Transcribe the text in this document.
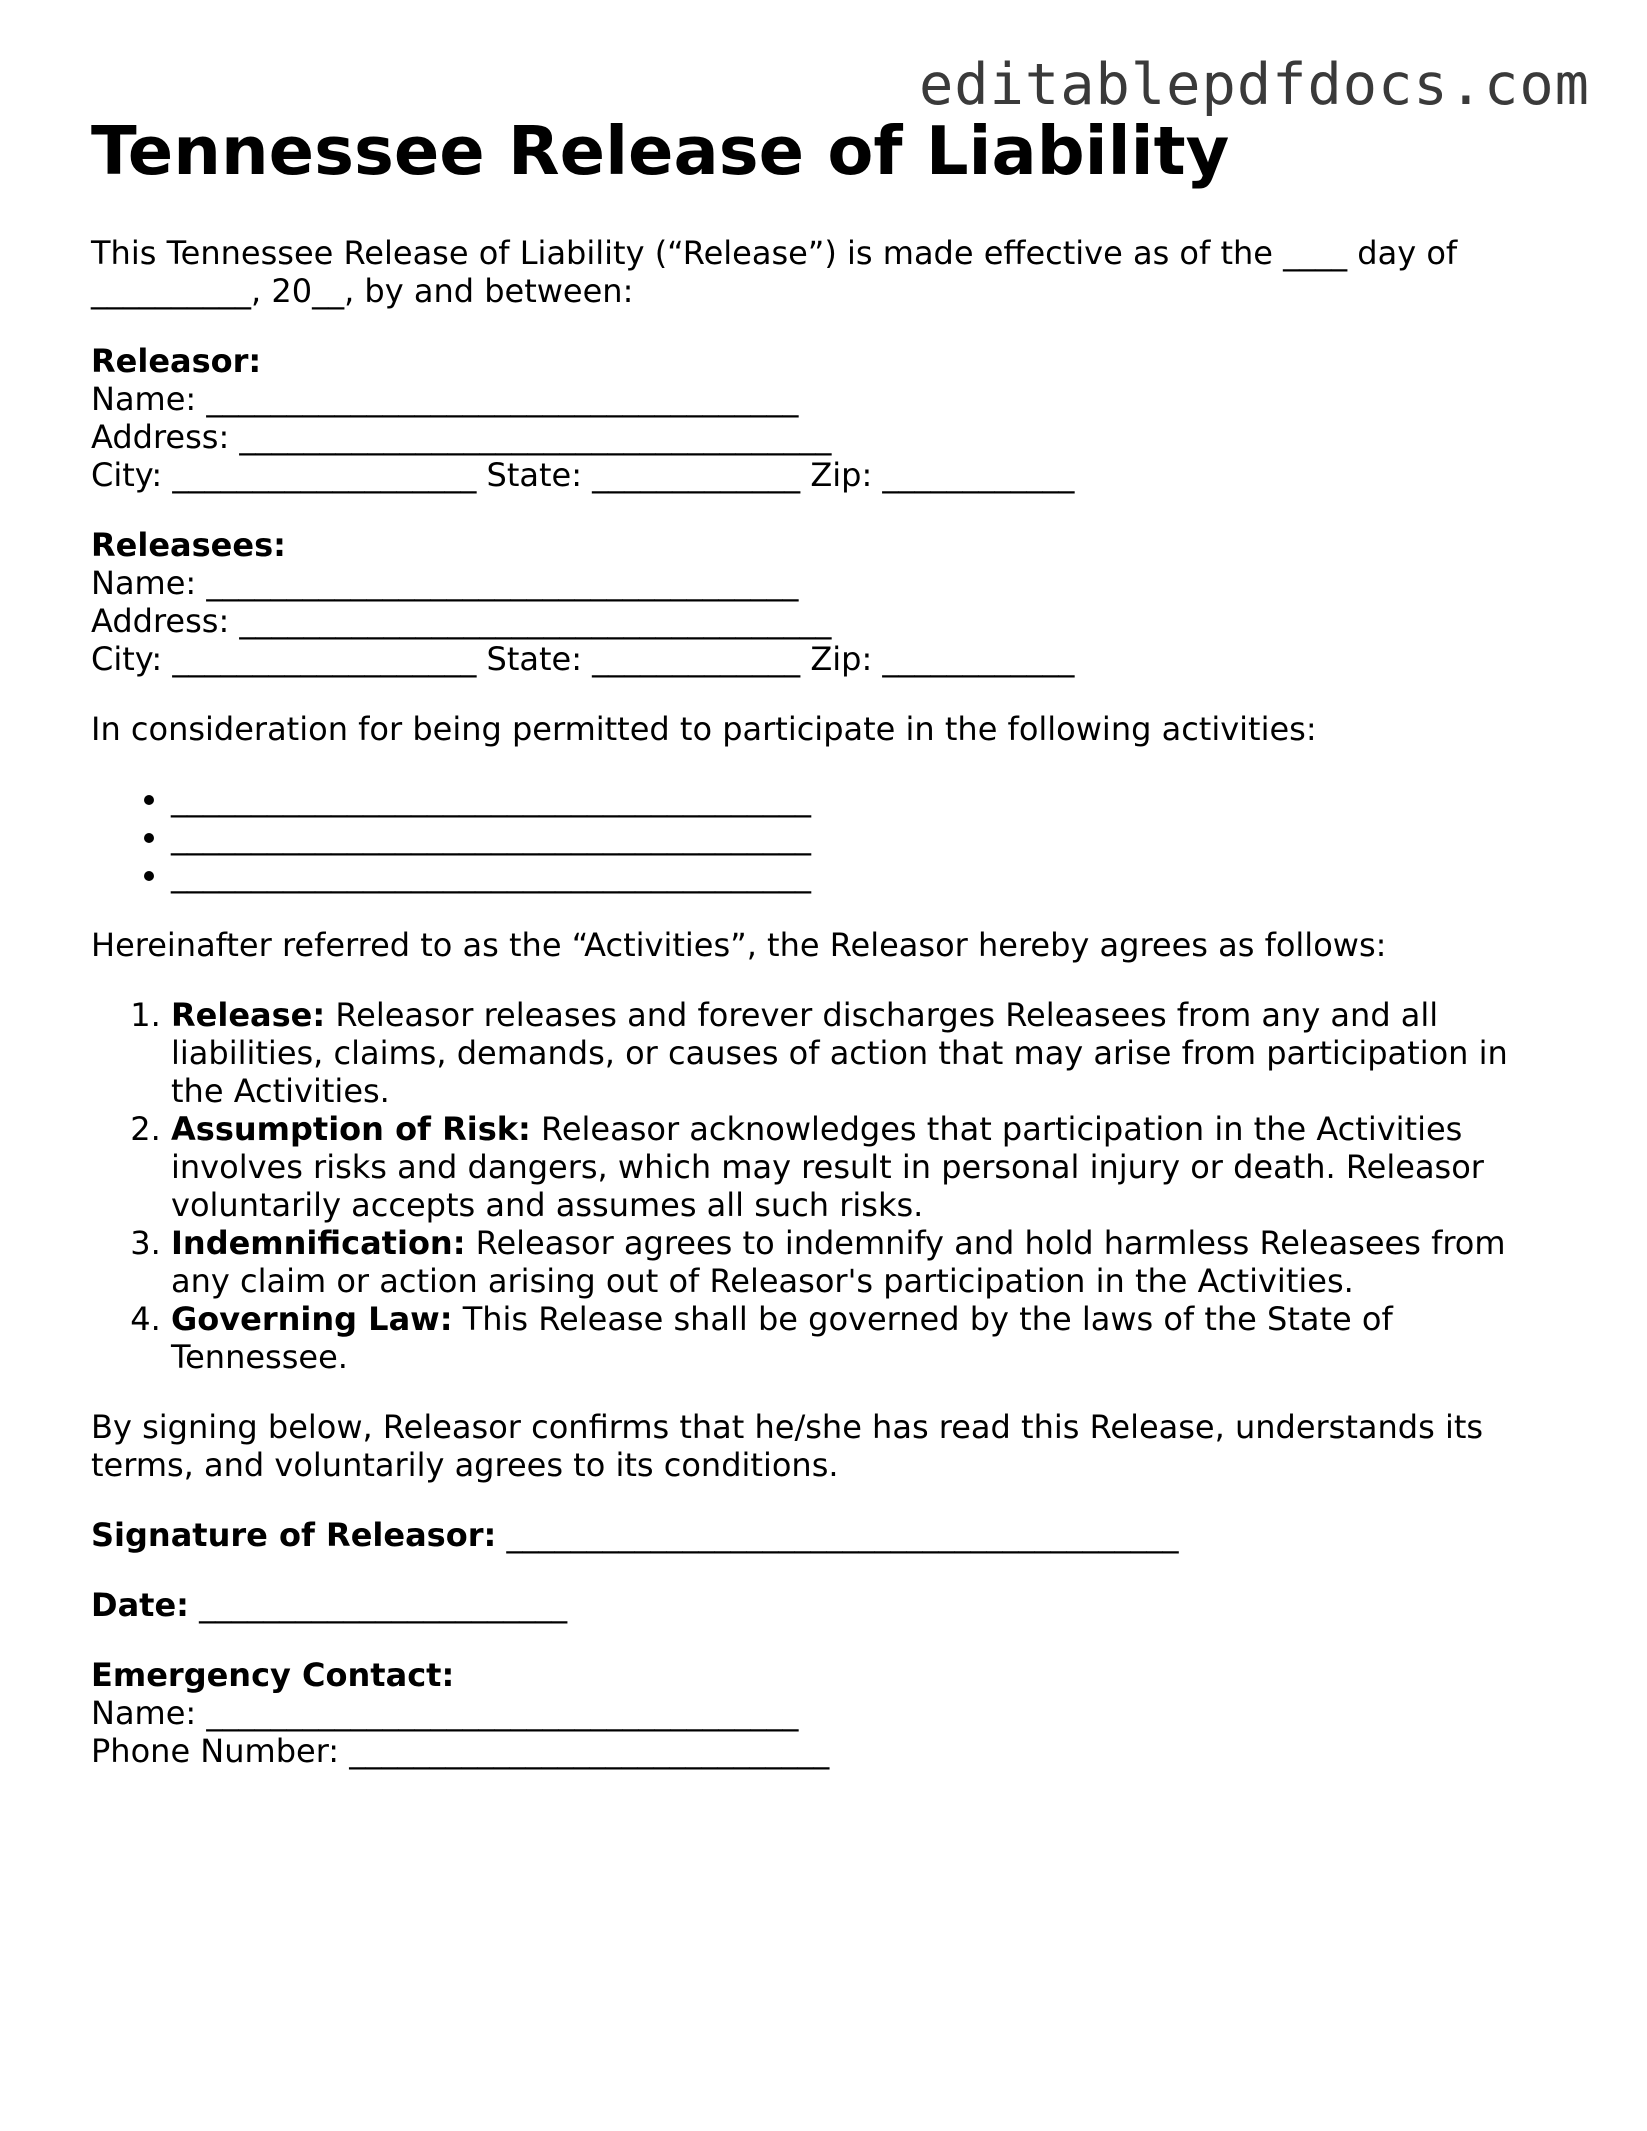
editablepdfdocs.com
Tennessee Release of Liability

This Tennessee Release of Liability (“Release”) is made effective as of the ____ day of
__________, 20__, by and between:

Releasor:
Name: _____________________________________
Address: _____________________________________
City: ___________________ State: _____________ Zip: ____________
Releasees:
Name: _____________________________________
Address: _____________________________________
City: ___________________ State: _____________ Zip: ____________

In consideration for being permitted to participate in the following activities:

• ________________________________________
• ________________________________________
• ________________________________________

Hereinafter referred to as the “Activities”, the Releasor hereby agrees as follows:

1. Release: Releasor releases and forever discharges Releasees from any and all liabilities, claims, demands, or causes of action that may arise from participation in the Activities.
2. Assumption of Risk: Releasor acknowledges that participation in the Activities involves risks and dangers, which may result in personal injury or death. Releasor voluntarily accepts and assumes all such risks.
3. Indemnification: Releasor agrees to indemnify and hold harmless Releasees from any claim or action arising out of Releasor's participation in the Activities.
4. Governing Law: This Release shall be governed by the laws of the State of Tennessee.

By signing below, Releasor confirms that he/she has read this Release, understands its terms, and voluntarily agrees to its conditions.

Signature of Releasor: __________________________________________

Date: _______________________

Emergency Contact:
Name: _____________________________________
Phone Number: ______________________________
